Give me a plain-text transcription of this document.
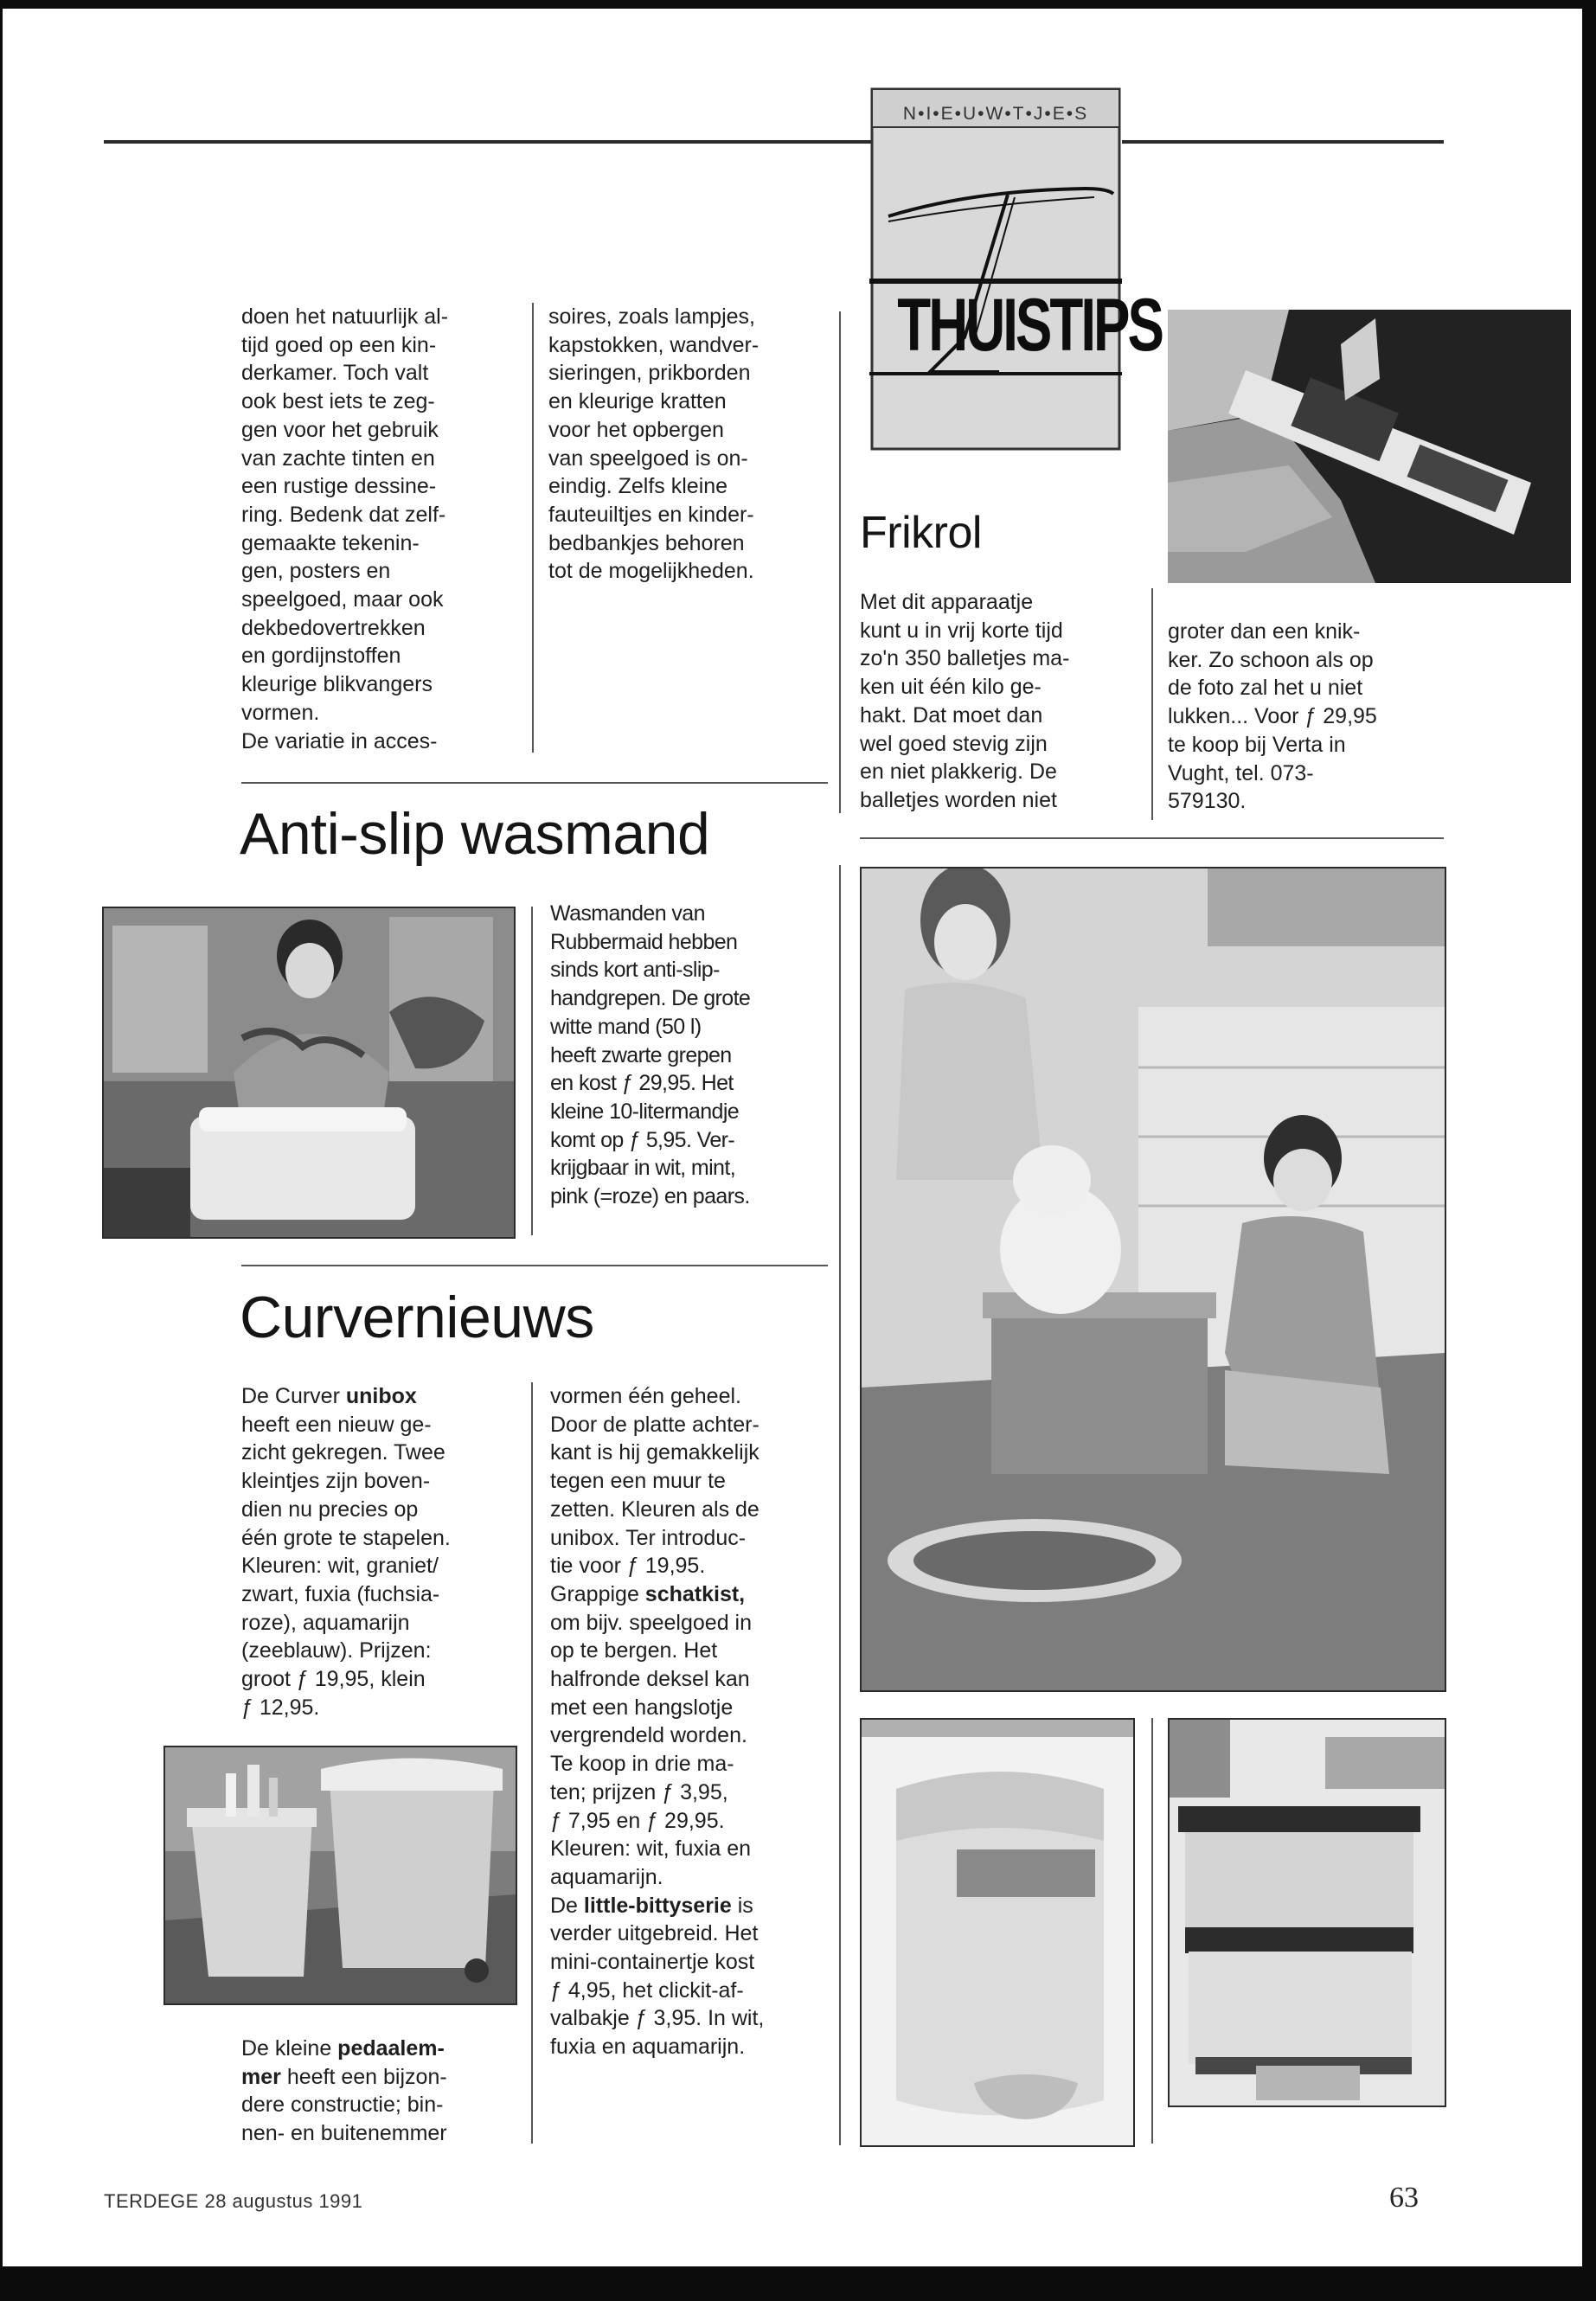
N•I•E•U•W•T•J•E•S
THUISTIPS
doen het natuurlijk al-
tijd goed op een kin-
derkamer. Toch valt
ook best iets te zeg-
gen voor het gebruik
van zachte tinten en
een rustige dessine-
ring. Bedenk dat zelf-
gemaakte tekenin-
gen, posters en
speelgoed, maar ook
dekbedovertrekken
en gordijnstoffen
kleurige blikvangers
vormen.
De variatie in acces-
soires, zoals lampjes,
kapstokken, wandver-
sieringen, prikborden
en kleurige kratten
voor het opbergen
van speelgoed is on-
eindig. Zelfs kleine
fauteuiltjes en kinder-
bedbankjes behoren
tot de mogelijkheden.
Frikrol
Met dit apparaatje
kunt u in vrij korte tijd
zo'n 350 balletjes ma-
ken uit één kilo ge-
hakt. Dat moet dan
wel goed stevig zijn
en niet plakkerig. De
balletjes worden niet
groter dan een knik-
ker. Zo schoon als op
de foto zal het u niet
lukken... Voor ƒ 29,95
te koop bij Verta in
Vught, tel. 073-
579130.
Anti-slip wasmand
Wasmanden van
Rubbermaid hebben
sinds kort anti-slip-
handgrepen. De grote
witte mand (50 l)
heeft zwarte grepen
en kost ƒ 29,95. Het
kleine 10-litermandje
komt op ƒ 5,95. Ver-
krijgbaar in wit, mint,
pink (=roze) en paars.
Curvernieuws

De Curver unibox

heeft een nieuw ge-
zicht gekregen. Twee
kleintjes zijn boven-
dien nu precies op
één grote te stapelen.
Kleuren: wit, graniet/
zwart, fuxia (fuchsia-
roze), aquamarijn
(zeeblauw). Prijzen:
groot ƒ 19,95, klein
ƒ 12,95.

De kleine pedaalem-

mer heeft een bijzon-

dere constructie; bin-
nen- en buitenemmer
vormen één geheel.
Door de platte achter-
kant is hij gemakkelijk
tegen een muur te
zetten. Kleuren als de
unibox. Ter introduc-
tie voor ƒ 19,95.

Grappige schatkist,

om bijv. speelgoed in
op te bergen. Het
halfronde deksel kan
met een hangslotje
vergrendeld worden.
Te koop in drie ma-
ten; prijzen ƒ 3,95,
ƒ 7,95 en ƒ 29,95.
Kleuren: wit, fuxia en
aquamarijn.

De little-bittyserie is

verder uitgebreid. Het
mini-containertje kost
ƒ 4,95, het clickit-af-
valbakje ƒ 3,95. In wit,
fuxia en aquamarijn.
TERDEGE 28 augustus 1991	63
